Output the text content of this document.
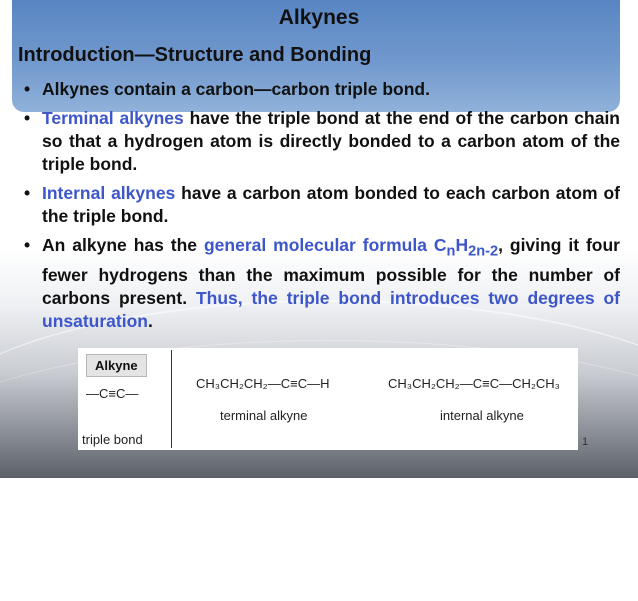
Alkynes
Introduction—Structure and Bonding
• Alkynes contain a carbon—carbon triple bond.
• Terminal alkynes have the triple bond at the end of the carbon chain so that a hydrogen atom is directly bonded to a carbon atom of the triple bond.
• Internal alkynes have a carbon atom bonded to each carbon atom of the triple bond.
• An alkyne has the general molecular formula $C_nH_{2n-2}$, giving it four fewer hydrogens than the maximum possible for the number of carbons present. Thus, the triple bond introduces two degrees of unsaturation.
Alkyne
—C≡C—
triple bond
CH₃CH₂CH₂—C≡C—H
terminal alkyne
CH₃CH₂CH₂—C≡C—CH₂CH₃
internal alkyne
1
